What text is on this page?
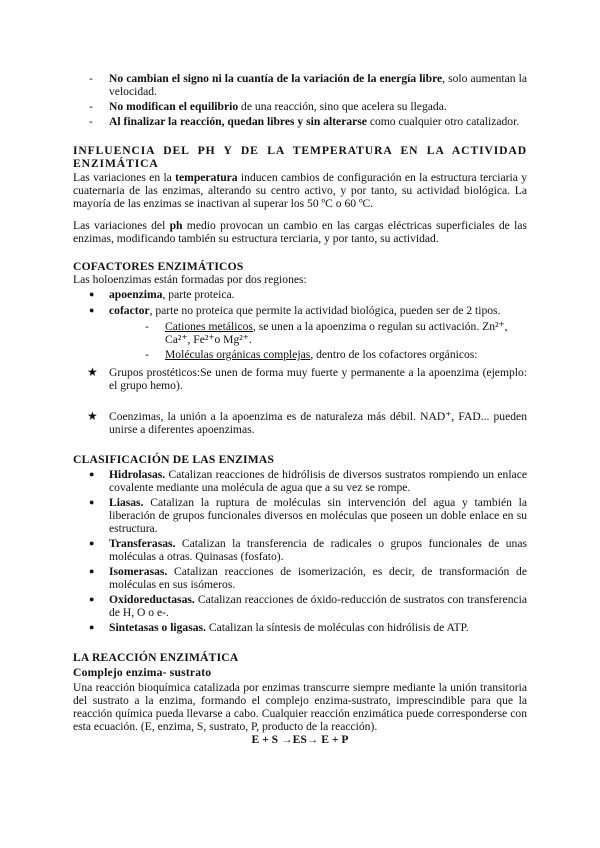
- No cambian el signo ni la cuantía de la variación de la energía libre, solo aumentan la velocidad.
- No modifican el equilibrio de una reacción, sino que acelera su llegada.
- Al finalizar la reacción, quedan libres y sin alterarse como cualquier otro catalizador.

INFLUENCIA DEL PH Y DE LA TEMPERATURA EN LA ACTIVIDAD ENZIMÁTICA

Las variaciones en la temperatura inducen cambios de configuración en la estructura terciaria y cuaternaria de las enzimas, alterando su centro activo, y por tanto, su actividad biológica. La mayoría de las enzimas se inactivan al superar los 50 ºC o 60 ºC.

Las variaciones del ph medio provocan un cambio en las cargas eléctricas superficiales de las enzimas, modificando también su estructura terciaria, y por tanto, su actividad.

COFACTORES ENZIMÁTICOS

Las holoenzimas están formadas por dos regiones:

● apoenzima, parte proteica.
● cofactor, parte no proteica que permite la actividad biológica, pueden ser de 2 tipos.
- Cationes metálicos, se unen a la apoenzima o regulan su activación. Zn²⁺, Ca²⁺, Fe²⁺o Mg²⁺.
- Moléculas orgánicas complejas, dentro de los cofactores orgánicos:
★ Grupos prostéticos:Se unen de forma muy fuerte y permanente a la apoenzima (ejemplo: el grupo hemo).
★ Coenzimas, la unión a la apoenzima es de naturaleza más débil. NAD⁺, FAD... pueden unirse a diferentes apoenzimas.

CLASIFICACIÓN DE LAS ENZIMAS

● Hidrolasas. Catalizan reacciones de hidrólisis de diversos sustratos rompiendo un enlace covalente mediante una molécula de agua que a su vez se rompe.
● Liasas. Catalizan la ruptura de moléculas sin intervención del agua y también la liberación de grupos funcionales diversos en moléculas que poseen un doble enlace en su estructura.
● Transferasas. Catalizan la transferencia de radicales o grupos funcionales de unas moléculas a otras. Quinasas (fosfato).
● Isomerasas. Catalizan reacciones de isomerización, es decir, de transformación de moléculas en sus isómeros.
● Oxidoreductasas. Catalizan reacciones de óxido-reducción de sustratos con transferencia de H, O o e-.
● Sintetasas o ligasas. Catalizan la síntesis de moléculas con hidrólisis de ATP.

LA REACCIÓN ENZIMÁTICA

Complejo enzima- sustrato

Una reacción bioquímica catalizada por enzimas transcurre siempre mediante la unión transitoria del sustrato a la enzima, formando el complejo enzima-sustrato, imprescindible para que la reacción química pueda llevarse a cabo. Cualquier reacción enzimática puede corresponderse con esta ecuación. (E, enzima, S, sustrato, P, producto de la reacción).

E + S →ES→ E + P
